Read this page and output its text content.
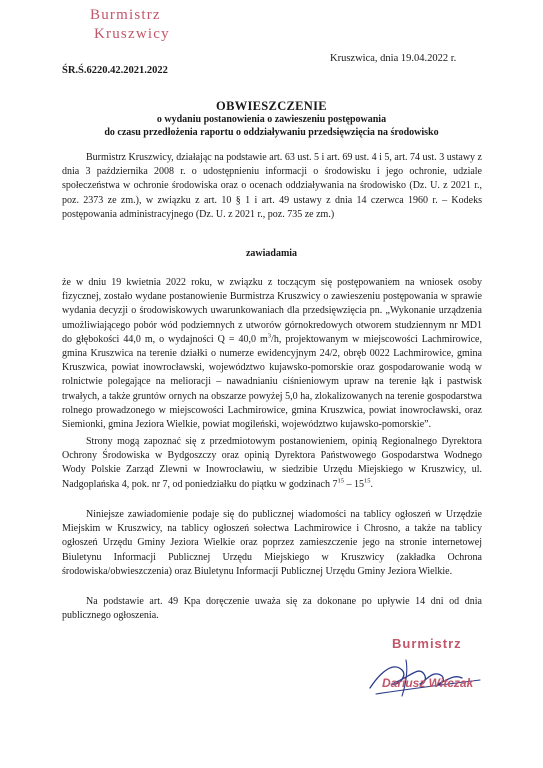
Burmistrz
Kruszwicy
Kruszwica, dnia 19.04.2022 r.
ŚR.Ś.6220.42.2021.2022
OBWIESZCZENIE
o wydaniu postanowienia o zawieszeniu postępowania
do czasu przedłożenia raportu o oddziaływaniu przedsięwzięcia na środowisko
Burmistrz Kruszwicy, działając na podstawie art. 63 ust. 5 i art. 69 ust. 4 i 5, art. 74 ust. 3 ustawy z dnia 3 października 2008 r. o udostępnieniu informacji o środowisku i jego ochronie, udziale społeczeństwa w ochronie środowiska oraz o ocenach oddziaływania na środowisko (Dz. U. z 2021 r., poz. 2373 ze zm.), w związku z art. 10 § 1 i art. 49 ustawy z dnia 14 czerwca 1960 r. – Kodeks postępowania administracyjnego (Dz. U. z 2021 r., poz. 735 ze zm.)
zawiadamia
że w dniu 19 kwietnia 2022 roku, w związku z toczącym się postępowaniem na wniosek osoby fizycznej, zostało wydane postanowienie Burmistrza Kruszwicy o zawieszeniu postępowania w sprawie wydania decyzji o środowiskowych uwarunkowaniach dla przedsięwzięcia pn. „Wykonanie urządzenia umożliwiającego pobór wód podziemnych z utworów górnokredowych otworem studziennym nr MD1 do głębokości 44,0 m, o wydajności Q = 40,0 $m^3/h$, projektowanym w miejscowości Lachmirowice, gmina Kruszwica na terenie działki o numerze ewidencyjnym 24/2, obręb 0022 Lachmirowice, gmina Kruszwica, powiat inowrocławski, województwo kujawsko-pomorskie oraz gospodarowanie wodą w rolnictwie polegające na melioracji – nawadnianiu ciśnieniowym upraw na terenie łąk i pastwisk trwałych, a także gruntów ornych na obszarze powyżej 5,0 ha, zlokalizowanych na terenie gospodarstwa rolnego prowadzonego w miejscowości Lachmirowice, gmina Kruszwica, powiat inowrocławski, oraz Siemionki, gmina Jeziora Wielkie, powiat mogileński, województwo kujawsko-pomorskie”.
Strony mogą zapoznać się z przedmiotowym postanowieniem, opinią Regionalnego Dyrektora Ochrony Środowiska w Bydgoszczy oraz opinią Dyrektora Państwowego Gospodarstwa Wodnego Wody Polskie Zarząd Zlewni w Inowrocławiu, w siedzibie Urzędu Miejskiego w Kruszwicy, ul. Nadgoplańska 4, pok. nr 7, od poniedziałku do piątku w godzinach $7^{15} - 15^{15}$.
Niniejsze zawiadomienie podaje się do publicznej wiadomości na tablicy ogłoszeń w Urzędzie Miejskim w Kruszwicy, na tablicy ogłoszeń sołectwa Lachmirowice i Chrosno, a także na tablicy ogłoszeń Urzędu Gminy Jeziora Wielkie oraz poprzez zamieszczenie jego na stronie internetowej Biuletynu Informacji Publicznej Urzędu Miejskiego w Kruszwicy (zakładka Ochrona środowiska/obwieszczenia) oraz Biuletynu Informacji Publicznej Urzędu Gminy Jeziora Wielkie.
Na podstawie art. 49 Kpa doręczenie uważa się za dokonane po upływie 14 dni od dnia publicznego ogłoszenia.
Burmistrz
Dariusz Witczak
